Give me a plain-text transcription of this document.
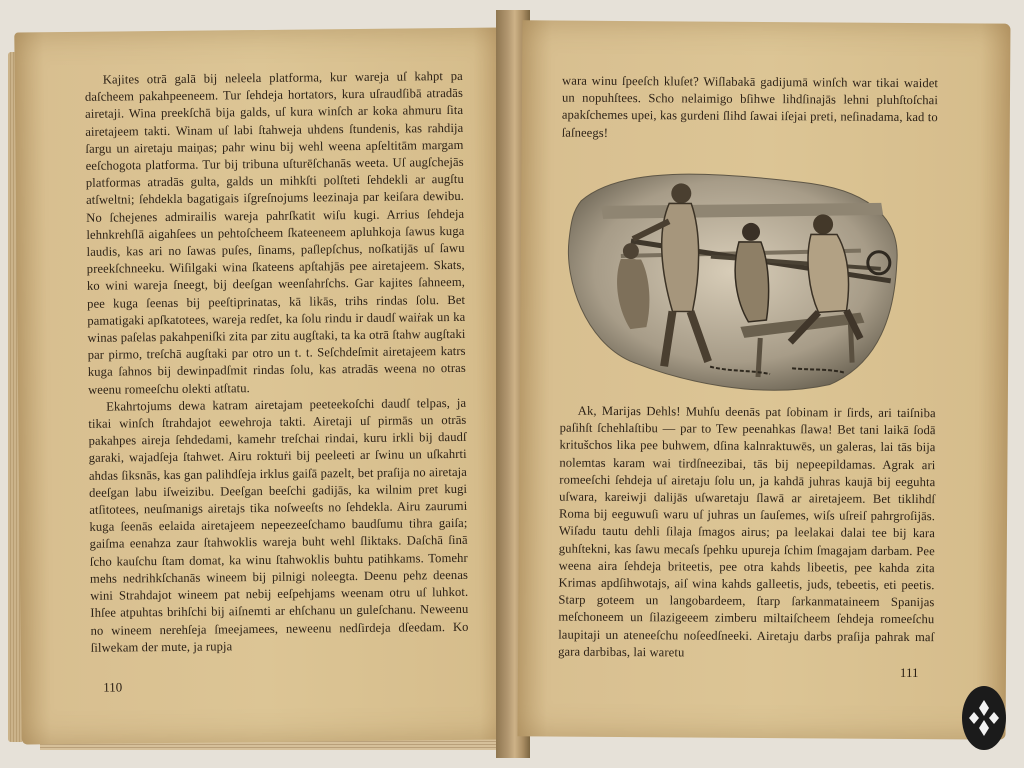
Kajites otrā galā bij neleela platforma, kur wareja uſ kahpt pa daſcheem pakahpeeneem. Tur ſehdeja hortators, kura uſraudſibā atradās airetaji. Wina preekſchā bija galds, uſ kura winſch ar koka ahmuru ſita airetajeem takti. Winam uſ labi ſtahweja uhdens ſtundenis, kas rahdija ſargu un airetaju maiņas; pahr winu bij wehl weena apſeltitām margam eeſchogota platforma. Tur bij tribuna uſturēſchanās weeta. Uſ augſchejās platformas atradās gulta, galds un mihkſti polſteti ſehdekli ar augſtu atſweltni; ſehdekla bagatigais iſgreſnojums leezinaja par keiſara dewibu. No ſchejenes admirailis wareja pahrſkatit wiſu kugi. Arrius ſehdeja lehnkrehſlā aigahſees un pehtoſcheem ſkateeneem apluhkoja ſawus kuga laudis, kas ari no ſawas puſes, ſinams, paſlepſchus, noſkatijās uſ ſawu preekſchneeku. Wiſilgaki wina ſkateens apſtahjās pee airetajeem. Skats, ko wini wareja ſneegt, bij deeſgan weenſahrſchs. Gar kajites ſahneem, pee kuga ſeenas bij peeſtiprinatas, kā likās, trihs rindas ſolu. Bet pamatigaki apſkatotees, wareja redſet, ka ſolu rindu ir daudſ waiṙak un ka winas paſelas pakahpeniſki zita par zitu augſtaki, ta ka otrā ſtahw augſtaki par pirmo, treſchā augſtaki par otro un t. t. Seſchdeſmit airetajeem katrs kuga ſahnos bij dewinpadſmit rindas ſolu, kas atradās weena no otras weenu romeeſchu olekti atſtatu.

Ekahrtojums dewa katram airetajam peeteekoſchi daudſ telpas, ja tikai winſch ſtrahdajot eewehroja takti. Airetaji uſ pirmās un otrās pakahpes aireja ſehdedami, kamehr treſchai rindai, kuru irkli bij daudſ garaki, wajadſeja ſtahwet. Airu roktuṙi bij peeleeti ar ſwinu un uſkahrti ahdas ſiksnās, kas gan palihdſeja irklus gaiſā pazelt, bet praſija no airetaja deeſgan labu iſweizibu. Deeſgan beeſchi gadijās, ka wilnim pret kugi atſitotees, neuſmanigs airetajs tika noſweeſts no ſehdekla. Airu zaurumi kuga ſeenās eelaida airetajeem nepeezeeſchamo baudſumu tihra gaiſa; gaiſma eenahza zaur ſtahwoklis wareja buht wehl ſliktaks. Daſchā ſinā ſcho kauſchu ſtam domat, ka winu ſtahwoklis buhtu patihkams. Tomehr mehs nedrihkſchanās wineem bij pilnigi noleegta. Deenu pehz deenas wini Strahdajot wineem pat nebij eeſpehjams weenam otru uſ luhkot. Ihſee atpuhtas brihſchi bij aiſnemti ar ehſchanu un guleſchanu. Neweenu no wineem nerehſeja ſmeejamees, neweenu nedſirdeja dſeedam. Ko ſilwekam der mute, ja rupja

110

wara winu ſpeeſch kluſet? Wiſlabakā gadijumā winſch war tikai waidet un nopuhſtees. Scho nelaimigo bſihwe lihdſinajās lehni pluhſtoſchai apakſchemes upei, kas gurdeni ſlihd ſawai iſejai preti, neſinadama, kad to ſaſneegs!

Ak, Marijas Dehls! Muhſu deenās pat ſobinam ir ſirds, ari taiſniba paſihſt ſchehlaſtibu — par to Tew peenahkas ſlawa! Bet tani laikā ſodā kritušchos lika pee buhwem, dſina kalnraktuwēs, un galeras, lai tās bija nolemtas karam wai tirdſneezibai, tās bij nepeepildamas. Agrak ari romeeſchi ſehdeja uſ airetaju ſolu un, ja kahdā juhras kaujā bij eeguhta uſwara, kareiwji dalijās uſwaretaju ſlawā ar airetajeem. Bet tiklihdſ Roma bij eeguwuſi waru uſ juhras un ſauſemes, wiſs uſreiſ pahrgroſijās. Wiſadu tautu dehli ſilaja ſmagos airus; pa leelakai dalai tee bij kara guhſtekni, kas ſawu mecaſs ſpehku upureja ſchim ſmagajam darbam. Pee weena aira ſehdeja briteetis, pee otra kahds libeetis, pee kahda zita Krimas apdſihwotajs, aiſ wina kahds galleetis, juds, tebeetis, eti peetis. Starp goteem un langobardeem, ſtarp ſarkanmataineem Spanijas meſchoneem un ſilazigeeem zimberu miltaiſcheem ſehdeja romeeſchu laupitaji un ateneeſchu noſeedſneeki. Airetaju darbs praſija pahrak maſ gara darbibas, lai waretu

111
